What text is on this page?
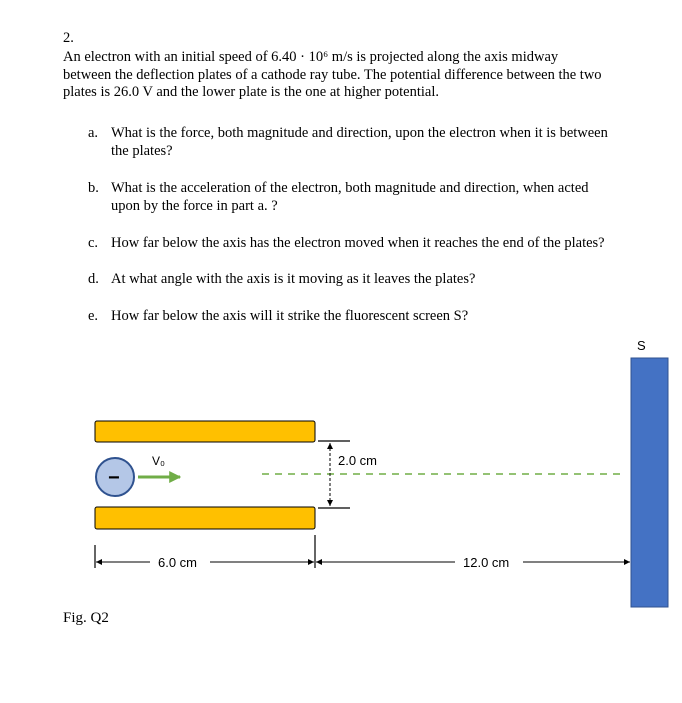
2.
An electron with an initial speed of 6.40 · 10⁶ m/s is projected along the axis midway
between the deflection plates of a cathode ray tube. The potential difference between the two
plates is 26.0 V and the lower plate is the one at higher potential.
a. What is the force, both magnitude and direction, upon the electron when it is between
the plates?
b. What is the acceleration of the electron, both magnitude and direction, when acted
upon by the force in part a. ?
c. How far below the axis has the electron moved when it reaches the end of the plates?
d. At what angle with the axis is it moving as it leaves the plates?
e. How far below the axis will it strike the fluorescent screen S?
S
−
V₀	2.0 cm
6.0 cm	12.0 cm
Fig. Q2
